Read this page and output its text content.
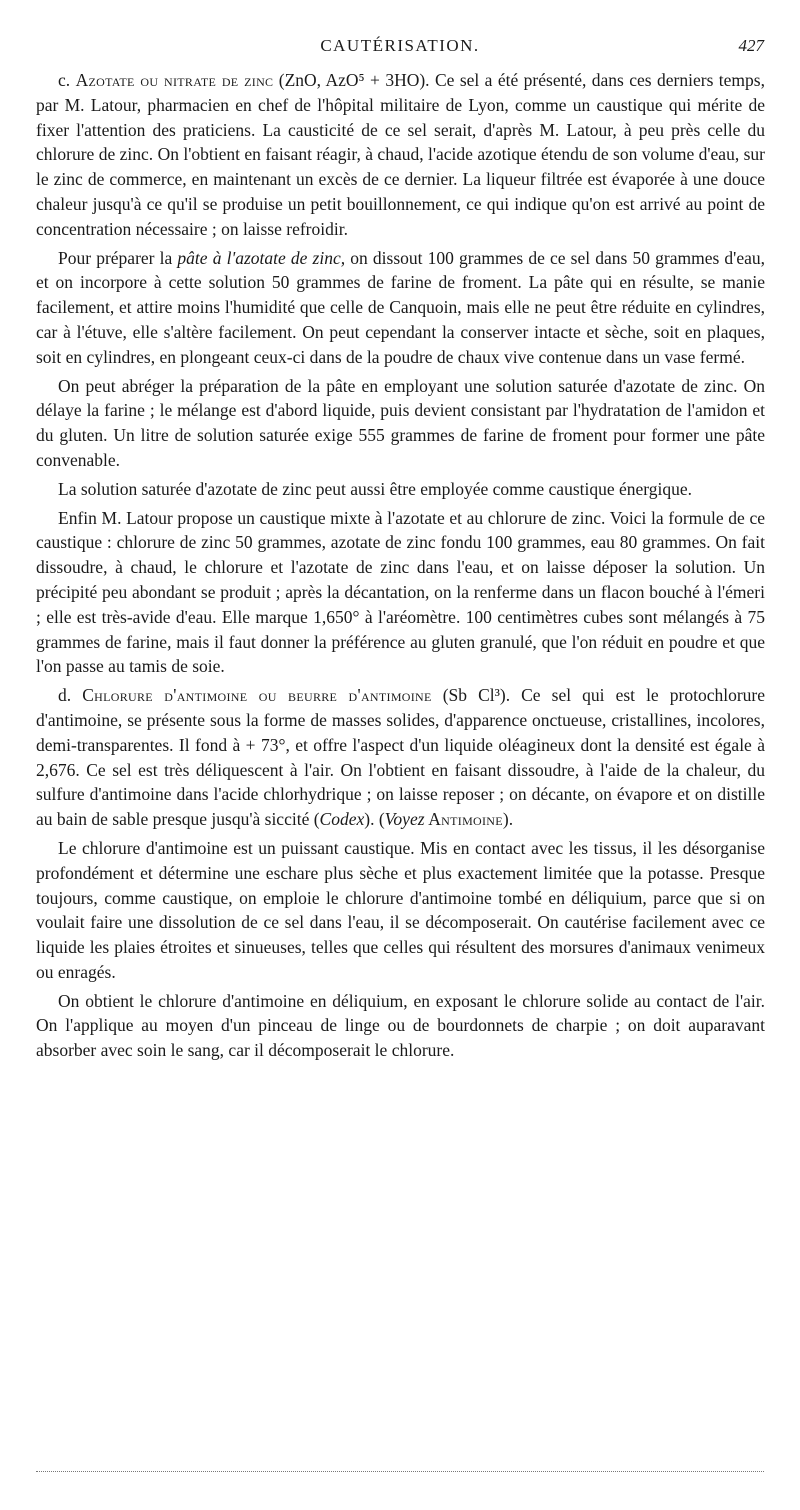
CAUTÉRISATION.	427

c. Azotate ou nitrate de zinc (ZnO, AzO⁵ + 3HO). Ce sel a été présenté, dans ces derniers temps, par M. Latour, pharmacien en chef de l'hôpital militaire de Lyon, comme un caustique qui mérite de fixer l'attention des praticiens. La causticité de ce sel serait, d'après M. Latour, à peu près celle du chlorure de zinc. On l'obtient en faisant réagir, à chaud, l'acide azotique étendu de son volume d'eau, sur le zinc de commerce, en maintenant un excès de ce dernier. La liqueur filtrée est évaporée à une douce chaleur jusqu'à ce qu'il se produise un petit bouillonnement, ce qui indique qu'on est arrivé au point de concentration nécessaire ; on laisse refroidir.

Pour préparer la pâte à l'azotate de zinc, on dissout 100 grammes de ce sel dans 50 grammes d'eau, et on incorpore à cette solution 50 grammes de farine de froment. La pâte qui en résulte, se manie facilement, et attire moins l'humidité que celle de Canquoin, mais elle ne peut être réduite en cylindres, car à l'étuve, elle s'altère facilement. On peut cependant la conserver intacte et sèche, soit en plaques, soit en cylindres, en plongeant ceux-ci dans de la poudre de chaux vive contenue dans un vase fermé.

On peut abréger la préparation de la pâte en employant une solution saturée d'azotate de zinc. On délaye la farine ; le mélange est d'abord liquide, puis devient consistant par l'hydratation de l'amidon et du gluten. Un litre de solution saturée exige 555 grammes de farine de froment pour former une pâte convenable.

La solution saturée d'azotate de zinc peut aussi être employée comme caustique énergique.

Enfin M. Latour propose un caustique mixte à l'azotate et au chlorure de zinc. Voici la formule de ce caustique : chlorure de zinc 50 grammes, azotate de zinc fondu 100 grammes, eau 80 grammes. On fait dissoudre, à chaud, le chlorure et l'azotate de zinc dans l'eau, et on laisse déposer la solution. Un précipité peu abondant se produit ; après la décantation, on la renferme dans un flacon bouché à l'émeri ; elle est très-avide d'eau. Elle marque 1,650° à l'aréomètre. 100 centimètres cubes sont mélangés à 75 grammes de farine, mais il faut donner la préférence au gluten granulé, que l'on réduit en poudre et que l'on passe au tamis de soie.

d. Chlorure d'antimoine ou beurre d'antimoine (Sb Cl³). Ce sel qui est le protochlorure d'antimoine, se présente sous la forme de masses solides, d'apparence onctueuse, cristallines, incolores, demi-transparentes. Il fond à + 73°, et offre l'aspect d'un liquide oléagineux dont la densité est égale à 2,676. Ce sel est très déliquescent à l'air. On l'obtient en faisant dissoudre, à l'aide de la chaleur, du sulfure d'antimoine dans l'acide chlorhydrique ; on laisse reposer ; on décante, on évapore et on distille au bain de sable presque jusqu'à siccité (Codex). (Voyez Antimoine).

Le chlorure d'antimoine est un puissant caustique. Mis en contact avec les tissus, il les désorganise profondément et détermine une eschare plus sèche et plus exactement limitée que la potasse. Presque toujours, comme caustique, on emploie le chlorure d'antimoine tombé en déliquium, parce que si on voulait faire une dissolution de ce sel dans l'eau, il se décomposerait. On cautérise facilement avec ce liquide les plaies étroites et sinueuses, telles que celles qui résultent des morsures d'animaux venimeux ou enragés.

On obtient le chlorure d'antimoine en déliquium, en exposant le chlorure solide au contact de l'air. On l'applique au moyen d'un pinceau de linge ou de bourdonnets de charpie ; on doit auparavant absorber avec soin le sang, car il décomposerait le chlorure.
